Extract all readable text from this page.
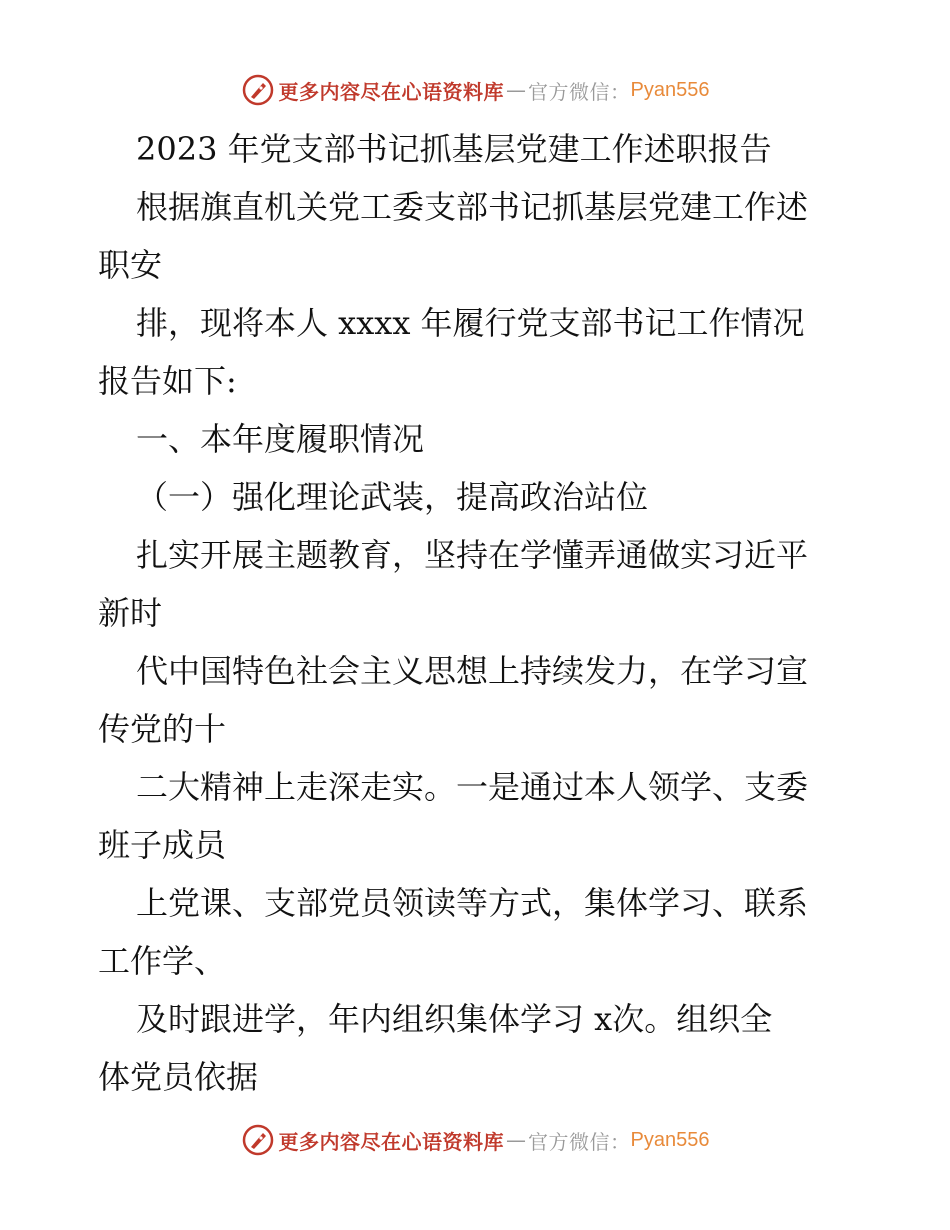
更多内容尽在心语资料库 — 官方微信： Pyan556

2023 年党支部书记抓基层党建工作述职报告

根据旗直机关党工委支部书记抓基层党建工作述

职安

排，现将本人 xxxx 年履行党支部书记工作情况

报告如下:

一、本年度履职情况

（一）强化理论武装，提高政治站位

扎实开展主题教育，坚持在学懂弄通做实习近平

新时

代中国特色社会主义思想上持续发力，在学习宣

传党的十

二大精神上走深走实。一是通过本人领学、支委

班子成员

上党课、支部党员领读等方式，集体学习、联系

工作学、

及时跟进学，年内组织集体学习 x次。组织全

体党员依据

更多内容尽在心语资料库 — 官方微信： Pyan556
